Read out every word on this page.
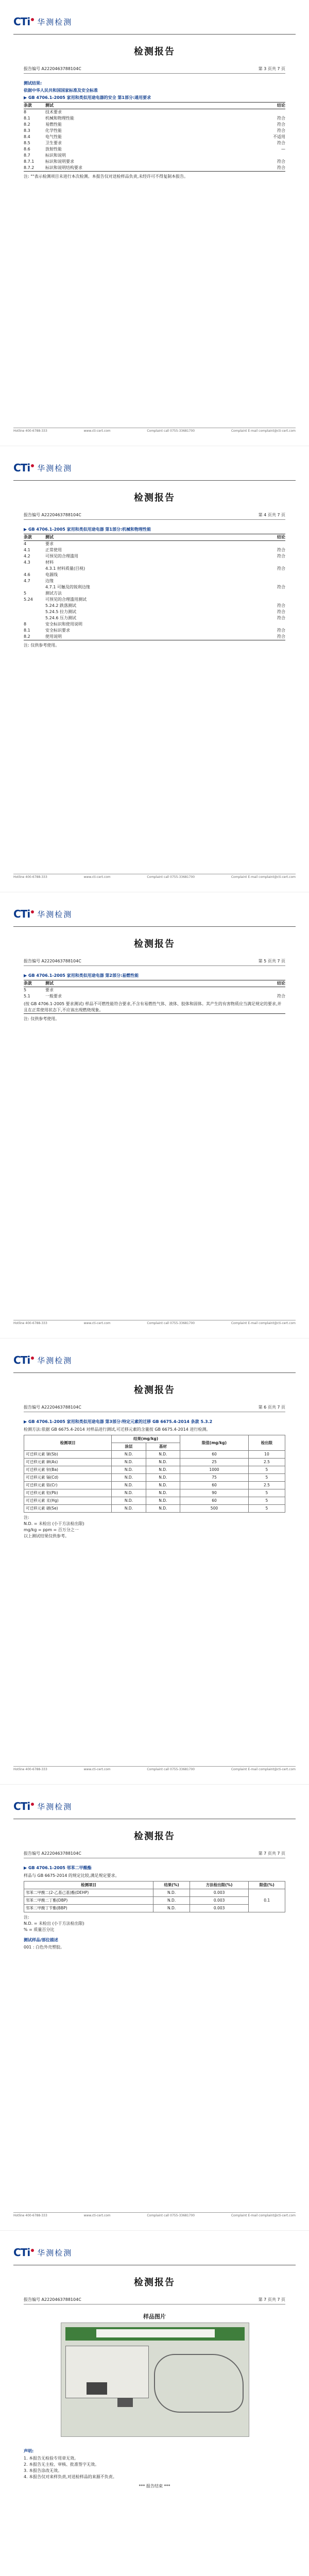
CTi 华测检测
检测报告
报告编号 A2220463788104C	第 3 页共 7 页
测试结果:
依据中华人民共和国国家标准及安全标准
▶ GB 4706.1-2005 家用和类似用途电器的安全 第1部分:通用要求
条款	测试	结论
8	技术要求
8.1	机械和物理性能	符合
8.2	易燃性能	符合
8.3	化学性能	符合
8.4	电气性能	不适用
8.5	卫生要求	符合
8.6	放射性能	—
8.7	标识和说明
8.7.1	标识和说明要求	符合
8.7.2	标识和说明结构要求	符合
注: ""表示检测项目未进行本次检测。本报告仅对送检样品负责,未经许可不得复制本报告。
Hotline 400-6788-333	www.cti-cert.com	Complaint call 0755-33681700	Complaint E-mail complaint@cti-cert.com
CTi 华测检测
检测报告
报告编号 A2220463788104C	第 4 页共 7 页
▶ GB 4706.1-2005 家用和类似用途电器 第1部分:机械和物理性能
条款	测试	结论
4	要求
4.1	正常使用	符合
4.2	可预见的合理滥用	符合
4.3	材料
4.3.1 材料质量(目视)	符合
4.6	电源线
4.7	边缘
4.7.1 可触及的锐利边缘	符合
5	测试方法
5.24	可预见的合理滥用测试
5.24.2 跌落测试	符合
5.24.5 拉力测试	符合
5.24.6 压力测试	符合
8	安全标识和使用说明
8.1	安全标识要求	符合
8.2	使用说明	符合
注: 仅供参考使用。
Hotline 400-6788-333	www.cti-cert.com	Complaint call 0755-33681700	Complaint E-mail complaint@cti-cert.com
CTi 华测检测
检测报告
报告编号 A2220463788104C	第 5 页共 7 页
▶ GB 4706.1-2005 家用和类似用途电器 第2部分:易燃性能
条款	测试	结论
5	要求
5.1	一般要求	符合
(按 GB 4706.1-2005 要求测试) 样品不可燃性能符合要求,不含有易燃性气体、液体、胶体和固体。其产生的有害物质应当满足规定的要求,并且在正常使用状态下,不应该出现燃烧现象。
注: 仅供参考使用。
Hotline 400-6788-333	www.cti-cert.com	Complaint call 0755-33681700	Complaint E-mail complaint@cti-cert.com
CTi 华测检测
检测报告
报告编号 A2220463788104C	第 6 页共 7 页
▶ GB 4706.1-2005 家用和类似用途电器 第3部分:特定元素的迁移 GB 6675.4-2014 条款 5.3.2
检测方法:依据 GB 6675.4-2014 对样品进行测试,可迁移元素的含量按 GB 6675.4-2014 进行检测。
检测项目	结果(mg/kg)		限值(mg/kg)	检出限
	涂层	基材		
可迁移元素 锑(Sb)	N.D.	N.D.	60	10
可迁移元素 砷(As)	N.D.	N.D.	25	2.5
可迁移元素 钡(Ba)	N.D.	N.D.	1000	5
可迁移元素 镉(Cd)	N.D.	N.D.	75	5
可迁移元素 铬(Cr)	N.D.	N.D.	60	2.5
可迁移元素 铅(Pb)	N.D.	N.D.	90	5
可迁移元素 汞(Hg)	N.D.	N.D.	60	5
可迁移元素 硒(Se)	N.D.	N.D.	500	5
注:
N.D. = 未检出 (小于方法检出限)
mg/kg = ppm = 百万分之一
以上测试结果仅供参考。
Hotline 400-6788-333	www.cti-cert.com	Complaint call 0755-33681700	Complaint E-mail complaint@cti-cert.com
CTi 华测检测
检测报告
报告编号 A2220463788104C	第 7 页共 7 页
▶ GB 4706.1-2005 邻苯二甲酸酯
样品与 GB 6675-2014 的规定比较,满足规定要求。
检测项目	结果(%)	方法检出限(%)	限值(%)
邻苯二甲酸二(2-乙基己基)酯(DEHP)	N.D.	0.003	0.1
邻苯二甲酸二丁酯(DBP)	N.D.	0.003	
邻苯二甲酸丁苄酯(BBP)	N.D.	0.003	
注:
N.D. = 未检出 (小于方法检出限)
% = 质量百分比
测试样品/部位描述
001 : 白色外壳塑胶。
Hotline 400-6788-333	www.cti-cert.com	Complaint call 0755-33681700	Complaint E-mail complaint@cti-cert.com
CTi 华测检测
检测报告
报告编号 A2220463788104C	第 7 页共 7 页
样品图片
声明:
1. 本报告无检验专用章无效。
2. 本报告无主检、审核、批准签字无效。
3. 本报告涂改无效。
4. 本报告仅对来样负责,对送检样品的来源不负责。
*** 报告结束 ***
